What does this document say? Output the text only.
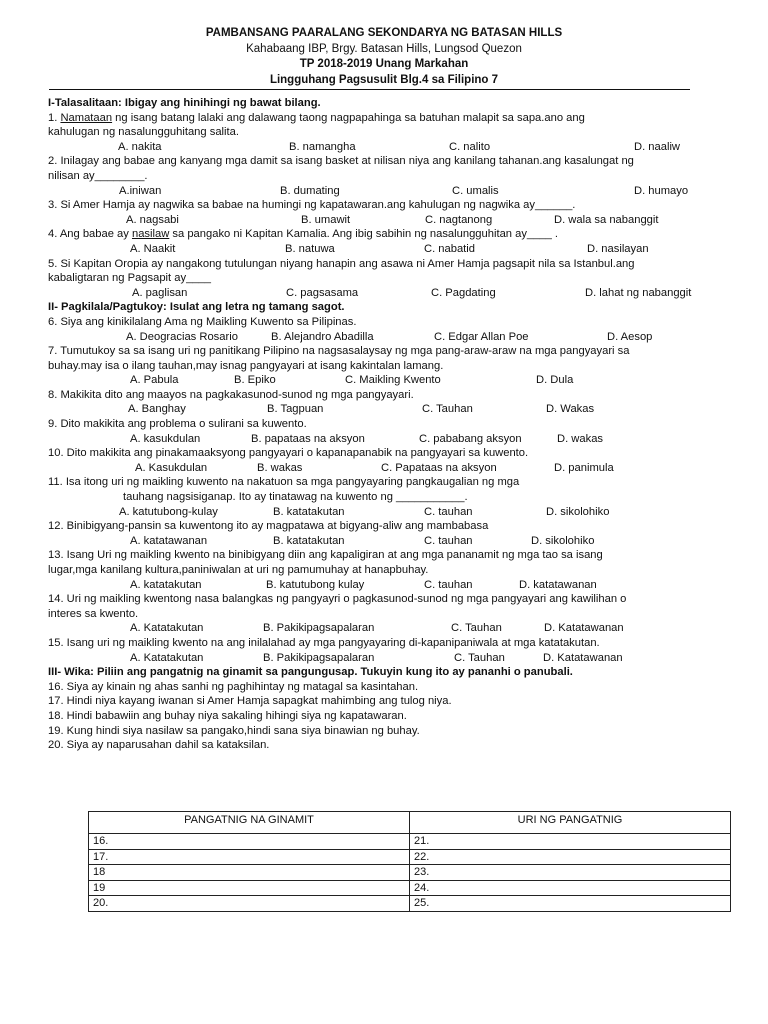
PAMBANSANG PAARALANG SEKONDARYA NG BATASAN HILLS
Kahabaang IBP, Brgy. Batasan Hills, Lungsod Quezon
TP 2018-2019 Unang Markahan
Lingguhang Pagsusulit Blg.4 sa Filipino 7
I-Talasalitaan: Ibigay ang hinihingi ng bawat bilang.
1. Namataan ng isang batang lalaki ang dalawang taong nagpapahinga sa batuhan malapit sa sapa.ano ang
kahulugan ng nasalungguhitang salita.
A. nakita	B. namangha	C. nalito	D. naaliw
2. Inilagay ang babae ang kanyang mga damit sa isang basket at nilisan niya ang kanilang tahanan.ang kasalungat ng
nilisan ay________.
A.iniwan	B. dumating	C. umalis	D. humayo
3. Si Amer Hamja ay nagwika sa babae na humingi ng kapatawaran.ang kahulugan ng nagwika ay______.
A. nagsabi	B. umawit	C. nagtanong	D. wala sa nabanggit
4. Ang babae ay nasilaw sa pangako ni Kapitan Kamalia. Ang ibig sabihin ng nasalungguhitan ay____ .
A. Naakit	B. natuwa	C. nabatid	D. nasilayan
5. Si Kapitan Oropia ay nangakong tutulungan niyang hanapin ang asawa ni Amer Hamja pagsapit nila sa Istanbul.ang
kabaligtaran ng Pagsapit ay____
A. paglisan	C. pagsasama	C. Pagdating	D. lahat ng nabanggit
II- Pagkilala/Pagtukoy: Isulat ang letra ng tamang sagot.
6. Siya ang kinikilalang Ama ng Maikling Kuwento sa Pilipinas.
A. Deogracias Rosario	B. Alejandro Abadilla	C. Edgar Allan Poe	D. Aesop
7. Tumutukoy sa sa isang uri ng panitikang Pilipino na nagsasalaysay ng mga pang-araw-araw na mga pangyayari sa
buhay.may isa o ilang tauhan,may isnag pangyayari at isang kakintalan lamang.
A. Pabula	B. Epiko	C. Maikling Kwento	D. Dula
8. Makikita dito ang maayos na pagkakasunod-sunod ng mga pangyayari.
A. Banghay	B. Tagpuan	C. Tauhan	D. Wakas
9. Dito makikita ang problema o sulirani sa kuwento.
A. kasukdulan	B. papataas na aksyon	C. pababang aksyon	D. wakas
10. Dito makikita ang pinakamaaksyong pangyayari o kapanapanabik na pangyayari sa kuwento.
A. Kasukdulan	B. wakas	C. Papataas na aksyon	D. panimula
11. Isa itong uri ng maikling kuwento na nakatuon sa mga pangyayaring pangkaugalian ng mga
tauhang nagsisiganap. Ito ay tinatawag na kuwento ng ___________.
A. katutubong-kulay	B. katatakutan	C. tauhan	D. sikolohiko
12. Binibigyang-pansin sa kuwentong ito ay magpatawa at bigyang-aliw ang mambabasa
A. katatawanan	B. katatakutan	C. tauhan	D. sikolohiko
13. Isang Uri ng maikling kwento na binibigyang diin ang kapaligiran at ang mga pananamit ng mga tao sa isang
lugar,mga kanilang kultura,paniniwalan at uri ng pamumuhay at hanapbuhay.
A. katatakutan	B. katutubong kulay	C. tauhan	D. katatawanan
14. Uri ng maikling kwentong nasa balangkas ng pangyayri o pagkasunod-sunod ng mga pangyayari ang kawilihan o
interes sa kwento.
A. Katatakutan	B. Pakikipagsapalaran	C. Tauhan	D. Katatawanan
15. Isang uri ng maikling kwento na ang inilalahad ay mga pangyayaring di-kapanipaniwala at mga katatakutan.
A. Katatakutan	B. Pakikipagsapalaran	C. Tauhan	D. Katatawanan
III- Wika: Piliin ang pangatnig na ginamit sa pangungusap. Tukuyin kung ito ay pananhi o panubali.
16. Siya ay kinain ng ahas sanhi ng paghihintay ng matagal sa kasintahan.
17. Hindi niya kayang iwanan si Amer Hamja sapagkat mahimbing ang tulog niya.
18. Hindi babawiin ang buhay niya sakaling hihingi siya ng kapatawaran.
19. Kung hindi siya nasilaw sa pangako,hindi sana siya binawian ng buhay.
20. Siya ay naparusahan dahil sa kataksilan.
PANGATNIG NA GINAMIT	URI NG PANGATNIG
16.	21.
17.	22.
18	23.
19	24.
20.	25.
